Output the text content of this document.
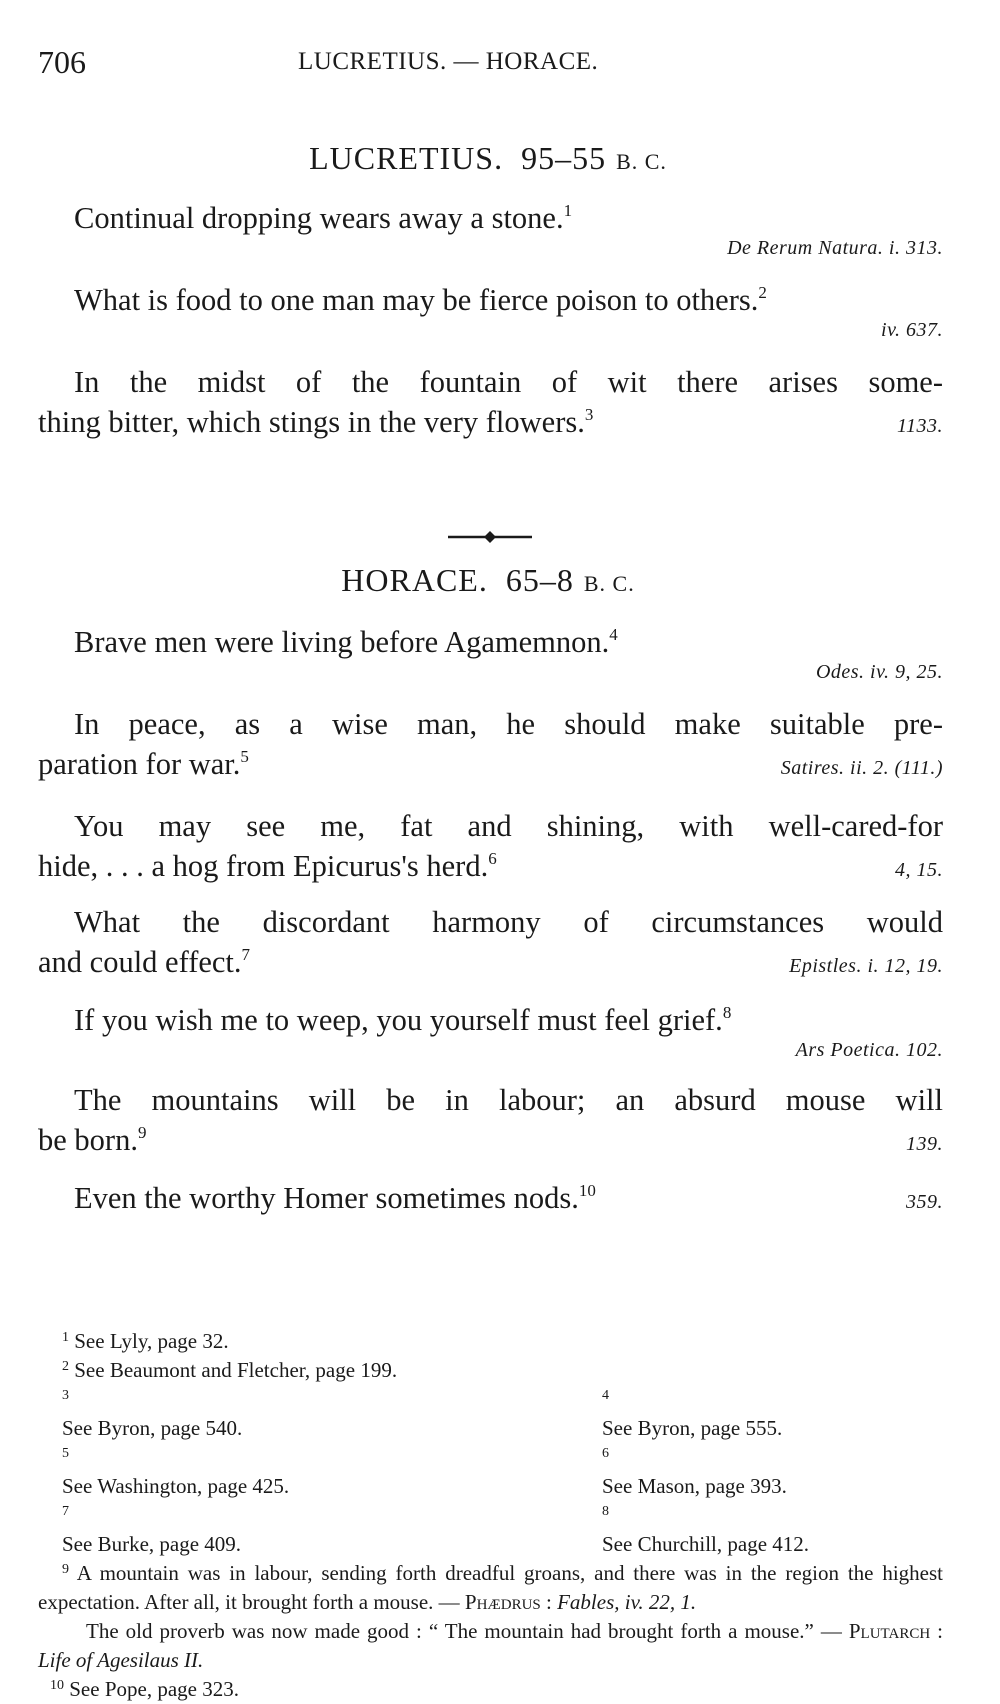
706	LUCRETIUS. — HORACE.
LUCRETIUS. 95–55 B. C.
Continual dropping wears away a stone.$^1$
De Rerum Natura. i. 313.
What is food to one man may be fierce poison to others.$^2$
iv. 637.
In the midst of the fountain of wit there arises some-
thing bitter, which stings in the very flowers.$^3$
1133.
HORACE. 65–8 B. C.
Brave men were living before Agamemnon.$^4$
Odes. iv. 9, 25.
In peace, as a wise man, he should make suitable pre-
paration for war.$^5$
Satires. ii. 2. (111.)
You may see me, fat and shining, with well-cared-for
hide, . . . a hog from Epicurus's herd.$^6$
4, 15.
What the discordant harmony of circumstances would
and could effect.$^7$
Epistles. i. 12, 19.
If you wish me to weep, you yourself must feel grief.$^8$
Ars Poetica. 102.
The mountains will be in labour; an absurd mouse will
be born.$^9$
139.
Even the worthy Homer sometimes nods.$^{10}$
359.
$^1$ See Lyly, page 32.
$^2$ See Beaumont and Fletcher, page 199.
$^3$
See Byron, page 540.
$^4$
See Byron, page 555.
$^5$
See Washington, page 425.
$^6$
See Mason, page 393.
$^7$
See Burke, page 409.
$^8$
See Churchill, page 412.
$^9$ A mountain was in labour, sending forth dreadful groans, and there was in the region the highest expectation. After all, it brought forth a mouse. — Phædrus : Fables, iv. 22, 1.
The old proverb was now made good : “ The mountain had brought forth a mouse.” — Plutarch : Life of Agesilaus II.
$^{10}$ See Pope, page 323.
